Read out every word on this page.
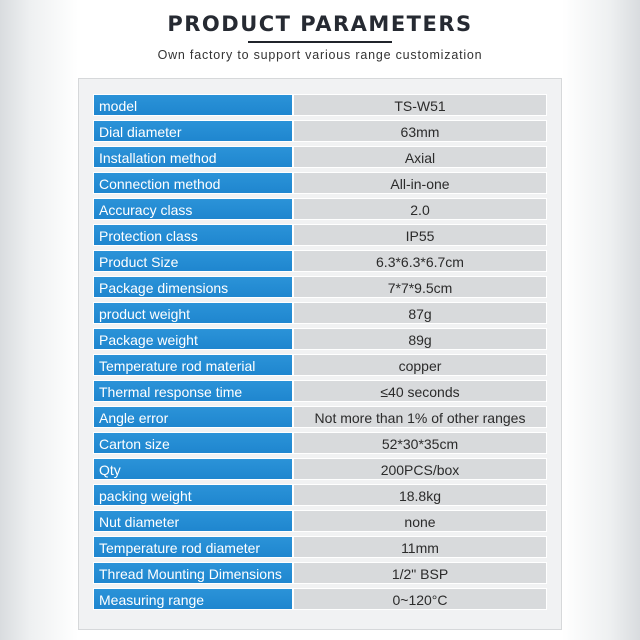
PRODUCT PARAMETERS
Own factory to support various range customization
model	TS-W51
Dial diameter	63mm
Installation method	Axial
Connection method	All-in-one
Accuracy class	2.0
Protection class	IP55
Product Size	6.3*6.3*6.7cm
Package dimensions	7*7*9.5cm
product weight	87g
Package weight	89g
Temperature rod material	copper
Thermal response time	≤40 seconds
Angle error	Not more than 1% of other ranges
Carton size	52*30*35cm
Qty	200PCS/box
packing weight	18.8kg
Nut diameter	none
Temperature rod diameter	11mm
Thread Mounting Dimensions	1/2" BSP
Measuring range	0~120°C
